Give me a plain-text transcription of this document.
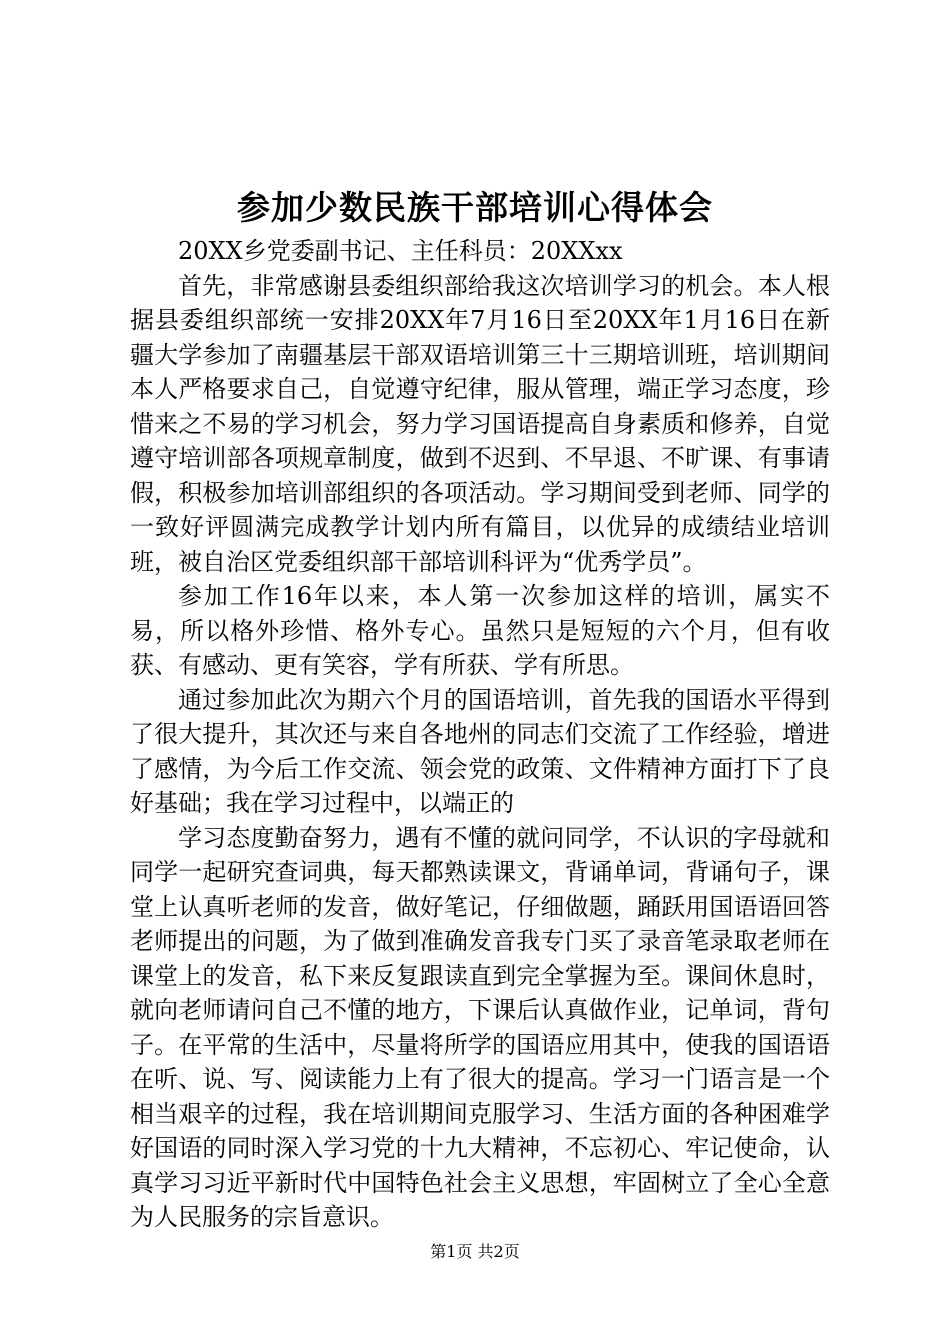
参加少数民族干部培训心得体会

20XX乡党委副书记、主任科员：20XXxx

首先，非常感谢县委组织部给我这次培训学习的机会。本人根据县委组织部统一安排20XX年7月16日至20XX年1月16日在新疆大学参加了南疆基层干部双语培训第三十三期培训班，培训期间本人严格要求自己，自觉遵守纪律，服从管理，端正学习态度，珍惜来之不易的学习机会，努力学习国语提高自身素质和修养，自觉遵守培训部各项规章制度，做到不迟到、不早退、不旷课、有事请假，积极参加培训部组织的各项活动。学习期间受到老师、同学的一致好评圆满完成教学计划内所有篇目，以优异的成绩结业培训班，被自治区党委组织部干部培训科评为“优秀学员”。

参加工作16年以来，本人第一次参加这样的培训，属实不易，所以格外珍惜、格外专心。虽然只是短短的六个月，但有收获、有感动、更有笑容，学有所获、学有所思。

通过参加此次为期六个月的国语培训，首先我的国语水平得到了很大提升，其次还与来自各地州的同志们交流了工作经验，增进了感情，为今后工作交流、领会党的政策、文件精神方面打下了良好基础；我在学习过程中，以端正的

学习态度勤奋努力，遇有不懂的就问同学，不认识的字母就和同学一起研究查词典，每天都熟读课文，背诵单词，背诵句子，课堂上认真听老师的发音，做好笔记，仔细做题，踊跃用国语语回答老师提出的问题，为了做到准确发音我专门买了录音笔录取老师在课堂上的发音，私下来反复跟读直到完全掌握为至。课间休息时，就向老师请问自己不懂的地方，下课后认真做作业，记单词，背句子。在平常的生活中，尽量将所学的国语应用其中，使我的国语语在听、说、写、阅读能力上有了很大的提高。学习一门语言是一个相当艰辛的过程，我在培训期间克服学习、生活方面的各种困难学好国语的同时深入学习党的十九大精神，不忘初心、牢记使命，认真学习习近平新时代中国特色社会主义思想，牢固树立了全心全意为人民服务的宗旨意识。

第1页 共2页
